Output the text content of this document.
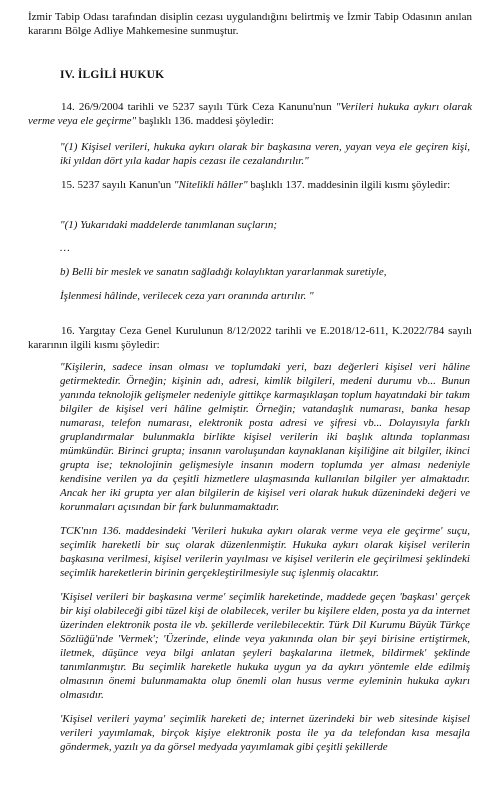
İzmir Tabip Odası tarafından disiplin cezası uygulandığını belirtmiş ve İzmir Tabip Odasının anılan kararını Bölge Adliye Mahkemesine sunmuştur.

IV. İLGİLİ HUKUK

14. 26/9/2004 tarihli ve 5237 sayılı Türk Ceza Kanunu'nun "Verileri hukuka aykırı olarak verme veya ele geçirme" başlıklı 136. maddesi şöyledir:

"(1) Kişisel verileri, hukuka aykırı olarak bir başkasına veren, yayan veya ele geçiren kişi, iki yıldan dört yıla kadar hapis cezası ile cezalandırılır."

15. 5237 sayılı Kanun'un "Nitelikli hâller" başlıklı 137. maddesinin ilgili kısmı şöyledir:

"(1) Yukarıdaki maddelerde tanımlanan suçların;

…

b) Belli bir meslek ve sanatın sağladığı kolaylıktan yararlanmak suretiyle,

İşlenmesi hâlinde, verilecek ceza yarı oranında artırılır. "

16. Yargıtay Ceza Genel Kurulunun 8/12/2022 tarihli ve E.2018/12-611, K.2022/784 sayılı kararının ilgili kısmı şöyledir:

"Kişilerin, sadece insan olması ve toplumdaki yeri, bazı değerleri kişisel veri hâline getirmektedir. Örneğin; kişinin adı, adresi, kimlik bilgileri, medeni durumu vb... Bunun yanında teknolojik gelişmeler nedeniyle gittikçe karmaşıklaşan toplum hayatındaki bir takım bilgiler de kişisel veri hâline gelmiştir. Örneğin; vatandaşlık numarası, banka hesap numarası, telefon numarası, elektronik posta adresi ve şifresi vb... Dolayısıyla farklı gruplandırmalar bulunmakla birlikte kişisel verilerin iki başlık altında toplanması mümkündür. Birinci grupta; insanın varoluşundan kaynaklanan kişiliğine ait bilgiler, ikinci grupta ise; teknolojinin gelişmesiyle insanın modern toplumda yer alması nedeniyle kendisine verilen ya da çeşitli hizmetlere ulaşmasında kullanılan bilgiler yer almaktadır. Ancak her iki grupta yer alan bilgilerin de kişisel veri olarak hukuk düzenindeki değeri ve korunmaları açısından bir fark bulunmamaktadır.

TCK'nın 136. maddesindeki 'Verileri hukuka aykırı olarak verme veya ele geçirme' suçu, seçimlik hareketli bir suç olarak düzenlenmiştir. Hukuka aykırı olarak kişisel verilerin başkasına verilmesi, kişisel verilerin yayılması ve kişisel verilerin ele geçirilmesi şeklindeki seçimlik hareketlerin birinin gerçekleştirilmesiyle suç işlenmiş olacaktır.

'Kişisel verileri bir başkasına verme' seçimlik hareketinde, maddede geçen 'başkası' gerçek bir kişi olabileceği gibi tüzel kişi de olabilecek, veriler bu kişilere elden, posta ya da internet üzerinden elektronik posta ile vb. şekillerde verilebilecektir. Türk Dil Kurumu Büyük Türkçe Sözlüğü'nde 'Vermek'; 'Üzerinde, elinde veya yakınında olan bir şeyi birisine ertiştirmek, iletmek, düşünce veya bilgi anlatan şeyleri başkalarına iletmek, bildirmek' şeklinde tanımlanmıştır. Bu seçimlik hareketle hukuka uygun ya da aykırı yöntemle elde edilmiş olmasının önemi bulunmamakta olup önemli olan husus verme eyleminin hukuka aykırı olmasıdır.

'Kişisel verileri yayma' seçimlik hareketi de; internet üzerindeki bir web sitesinde kişisel verileri yayımlamak, birçok kişiye elektronik posta ile ya da telefondan kısa mesajla göndermek, yazılı ya da görsel medyada yayımlamak gibi çeşitli şekillerde
